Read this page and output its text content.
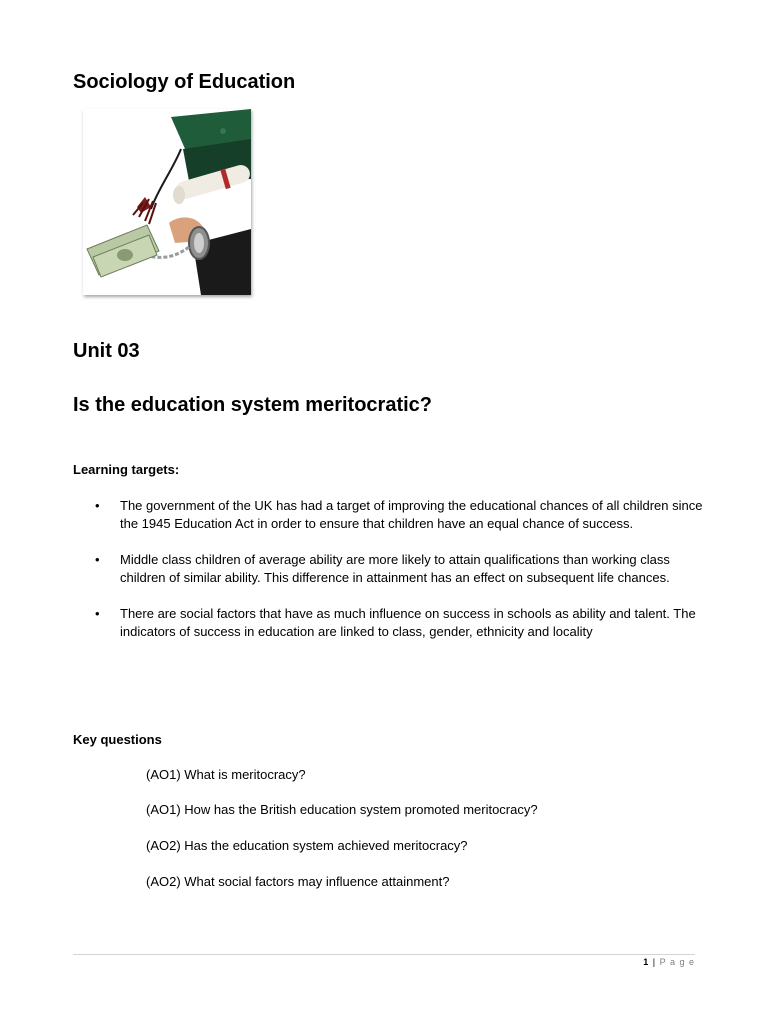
Sociology of Education
Unit 03
Is the education system meritocratic?

Learning targets:

• The government of the UK has had a target of improving the educational chances of all children since the 1945 Education Act in order to ensure that children have an equal chance of success.
• Middle class children of average ability are more likely to attain qualifications than working class children of similar ability. This difference in attainment has an effect on subsequent life chances.
• There are social factors that have as much influence on success in schools as ability and talent. The indicators of success in education are linked to class, gender, ethnicity and locality

Key questions

(AO1) What is meritocracy?

(AO1) How has the British education system promoted meritocracy?

(AO2) Has the education system achieved meritocracy?

(AO2) What social factors may influence attainment?

1 | P a g e
